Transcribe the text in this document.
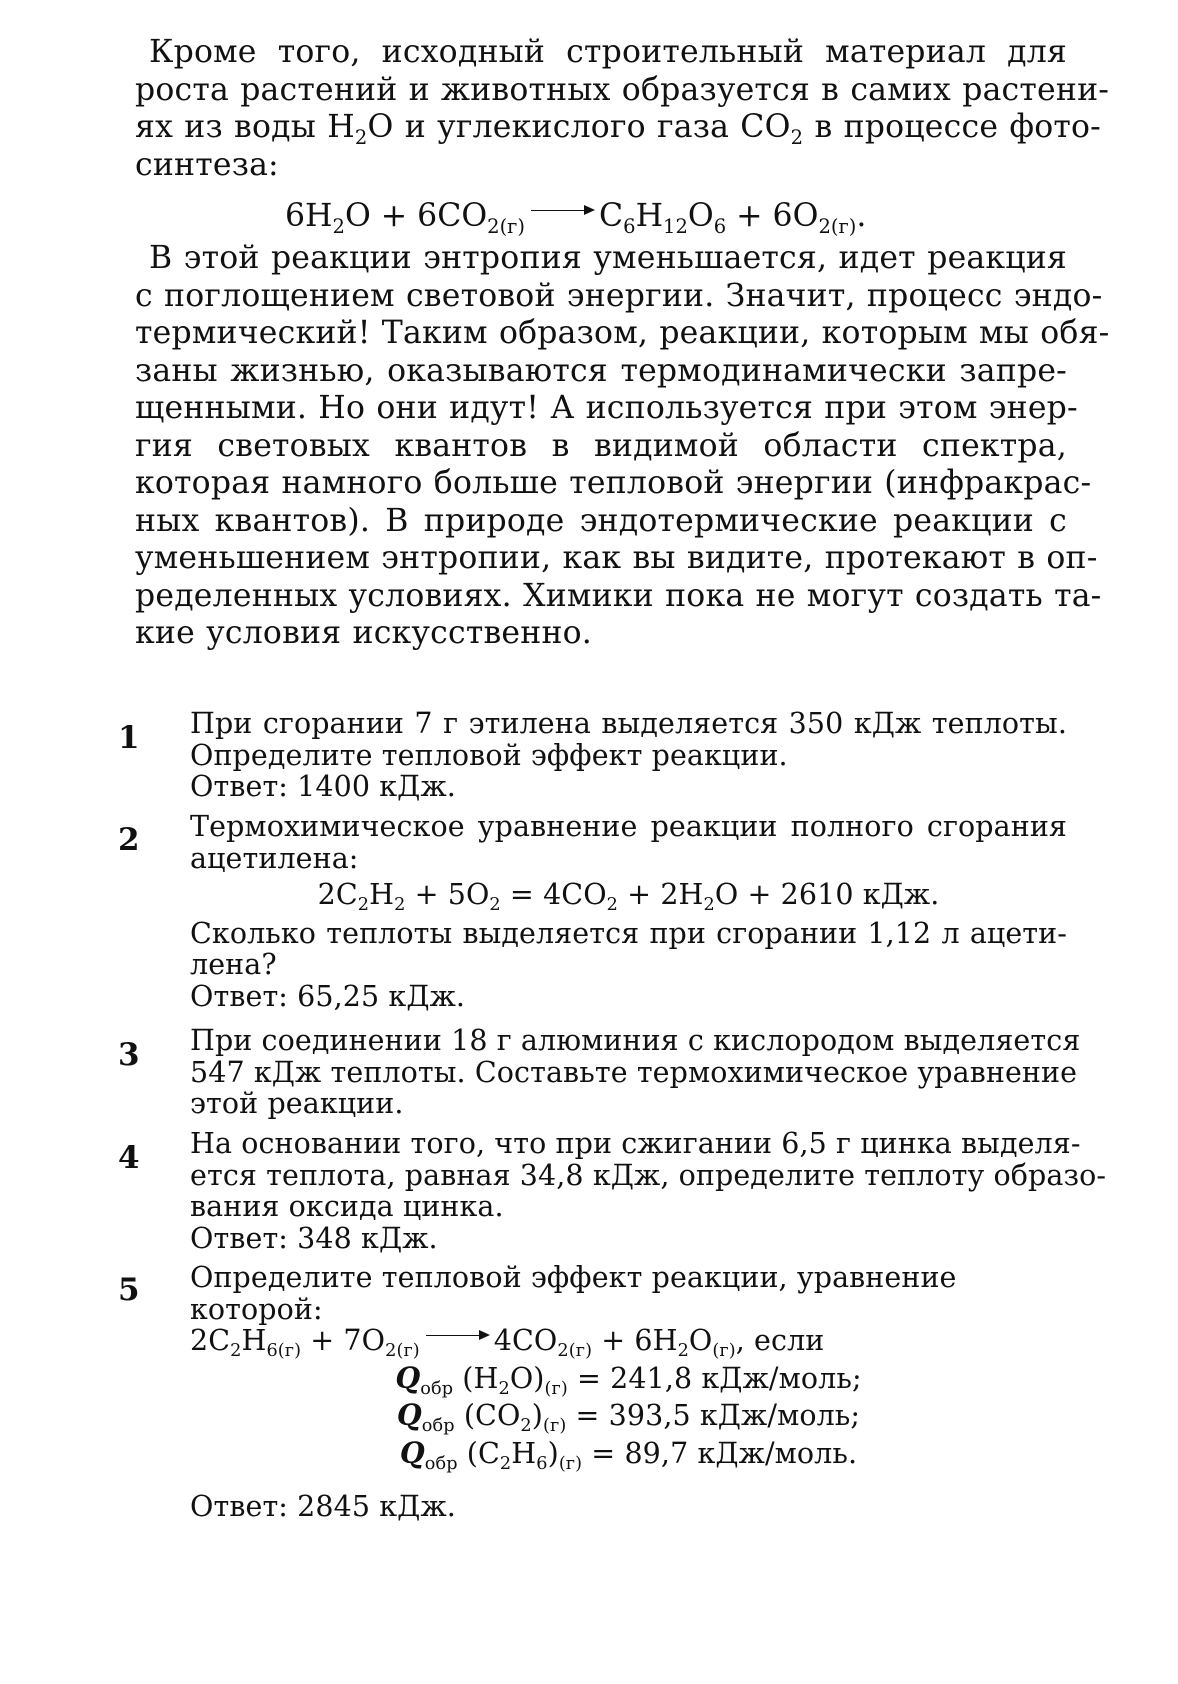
Кроме того, исходный строительный материал для
роста растений и животных образуется в самих растени-
ях из воды $H_2O$ и углекислого газа $CO_2$ в процессе фото-
синтеза:
$6H_2O + 6CO_{2(г)} \to C_6H_{12}O_6 + 6O_{2(г)}$.
В этой реакции энтропия уменьшается, идет реакция
с поглощением световой энергии. Значит, процесс эндо-
термический! Таким образом, реакции, которым мы обя-
заны жизнью, оказываются термодинамически запре-
щенными. Но они идут! А используется при этом энер-
гия световых квантов в видимой области спектра,
которая намного больше тепловой энергии (инфракрас-
ных квантов). В природе эндотермические реакции с
уменьшением энтропии, как вы видите, протекают в оп-
ределенных условиях. Химики пока не могут создать та-
кие условия искусственно.
1 При сгорании 7 г этилена выделяется 350 кДж теплоты.
Определите тепловой эффект реакции.
Ответ: 1400 кДж.
2 Термохимическое уравнение реакции полного сгорания
ацетилена:
$2C_2H_2 + 5O_2 = 4CO_2 + 2H_2O + 2610$ кДж.
Сколько теплоты выделяется при сгорании 1,12 л ацети-
лена?
Ответ: 65,25 кДж.
3 При соединении 18 г алюминия с кислородом выделяется
547 кДж теплоты. Составьте термохимическое уравнение
этой реакции.
4 На основании того, что при сжигании 6,5 г цинка выделя-
ется теплота, равная 34,8 кДж, определите теплоту образо-
вания оксида цинка.
Ответ: 348 кДж.
5 Определите тепловой эффект реакции, уравнение которой:
$2C_2H_{6(г)} + 7O_{2(г)} \to 4CO_{2(г)} + 6H_2O_{(г)}$, если
$Q_{обр}$ $(H_2O)_{(г)} = 241,8$ кДж/моль;
$Q_{обр}$ $(CO_2)_{(г)} = 393,5$ кДж/моль;
$Q_{обр}$ $(C_2H_6)_{(г)} = 89,7$ кДж/моль.
Ответ: 2845 кДж.
